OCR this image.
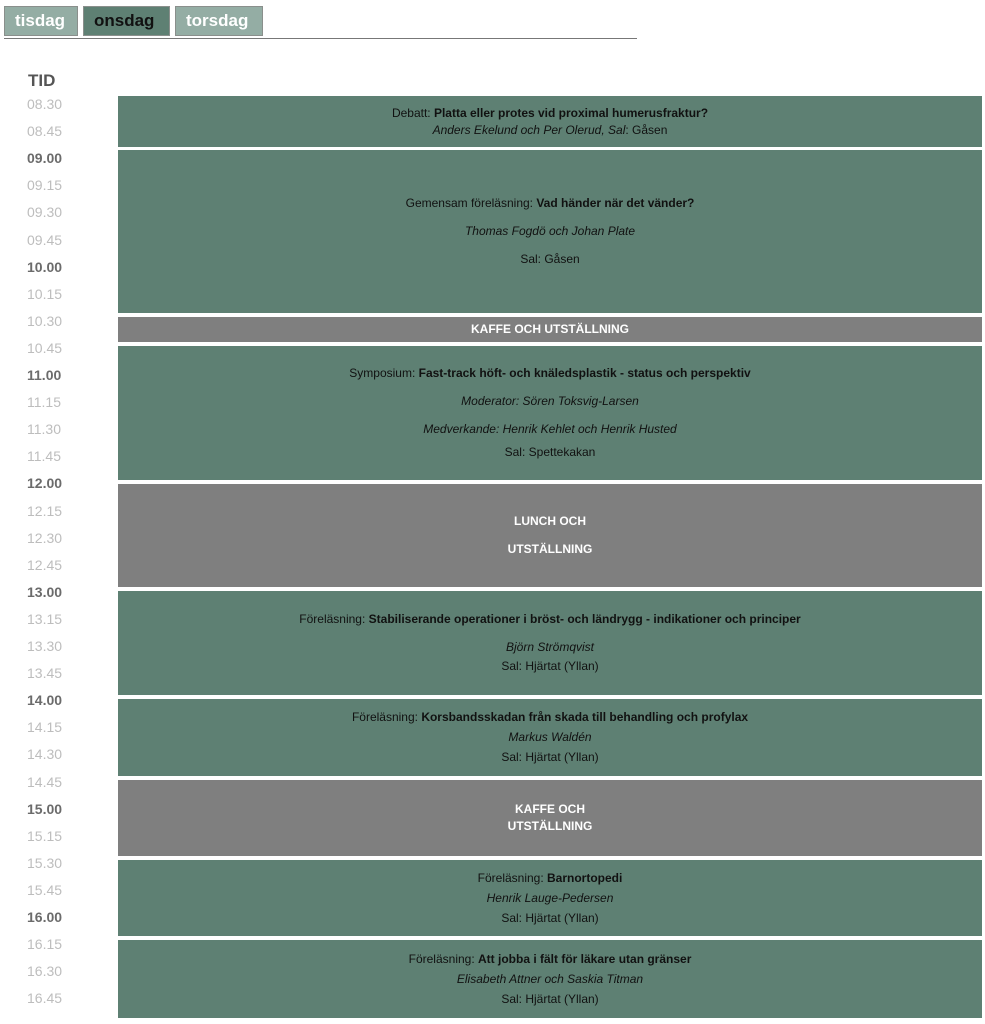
tisdag	onsdag	torsdag
TID
08.30
08.45
09.00
09.15
09.30
09.45
10.00
10.15
10.30
10.45
11.00
11.15
11.30
11.45
12.00
12.15
12.30
12.45
13.00
13.15
13.30
13.45
14.00
14.15
14.30
14.45
15.00
15.15
15.30
15.45
16.00
16.15
16.30
16.45
Debatt: Platta eller protes vid proximal humerusfraktur?
Anders Ekelund och Per Olerud, Sal: Gåsen
Gemensam föreläsning: Vad händer när det vänder?
Thomas Fogdö och Johan Plate
Sal: Gåsen
KAFFE OCH UTSTÄLLNING
Symposium: Fast-track höft- och knäledsplastik - status och perspektiv
Moderator: Sören Toksvig-Larsen
Medverkande: Henrik Kehlet och Henrik Husted
Sal: Spettekakan
LUNCH OCH
UTSTÄLLNING
Föreläsning: Stabiliserande operationer i bröst- och ländrygg - indikationer och principer
Björn Strömqvist
Sal: Hjärtat (Yllan)
Föreläsning: Korsbandsskadan från skada till behandling och profylax
Markus Waldén
Sal: Hjärtat (Yllan)
KAFFE OCH
UTSTÄLLNING
Föreläsning: Barnortopedi
Henrik Lauge-Pedersen
Sal: Hjärtat (Yllan)
Föreläsning: Att jobba i fält för läkare utan gränser
Elisabeth Attner och Saskia Titman
Sal: Hjärtat (Yllan)
